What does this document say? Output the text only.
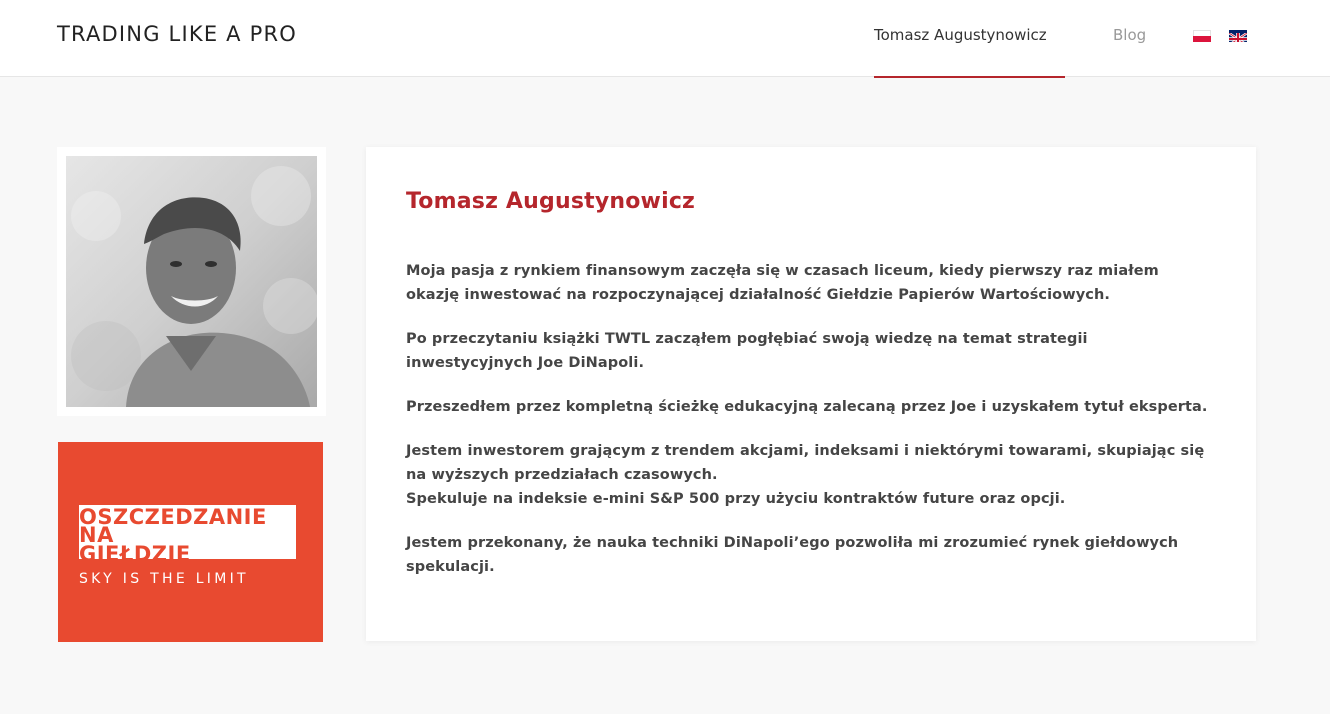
TRADING LIKE A PRO	Tomasz Augustynowicz	Blog
OSZCZEDZANIE
NA
GIEŁDZIE
SKY IS THE LIMIT
Tomasz Augustynowicz

Moja pasja z rynkiem finansowym zaczęła się w czasach liceum, kiedy pierwszy raz miałem okazję inwestować na rozpoczynającej działalność Giełdzie Papierów Wartościowych.

Po przeczytaniu książki TWTL zacząłem pogłębiać swoją wiedzę na temat strategii inwestycyjnych Joe DiNapoli.

Przeszedłem przez kompletną ścieżkę edukacyjną zalecaną przez Joe i uzyskałem tytuł eksperta.

Jestem inwestorem grającym z trendem akcjami, indeksami i niektórymi towarami, skupiając się na wyższych przedziałach czasowych.

Spekuluje na indeksie e-mini S&P 500 przy użyciu kontraktów future oraz opcji.

Jestem przekonany, że nauka techniki DiNapoli’ego pozwoliła mi zrozumieć rynek giełdowych spekulacji.
